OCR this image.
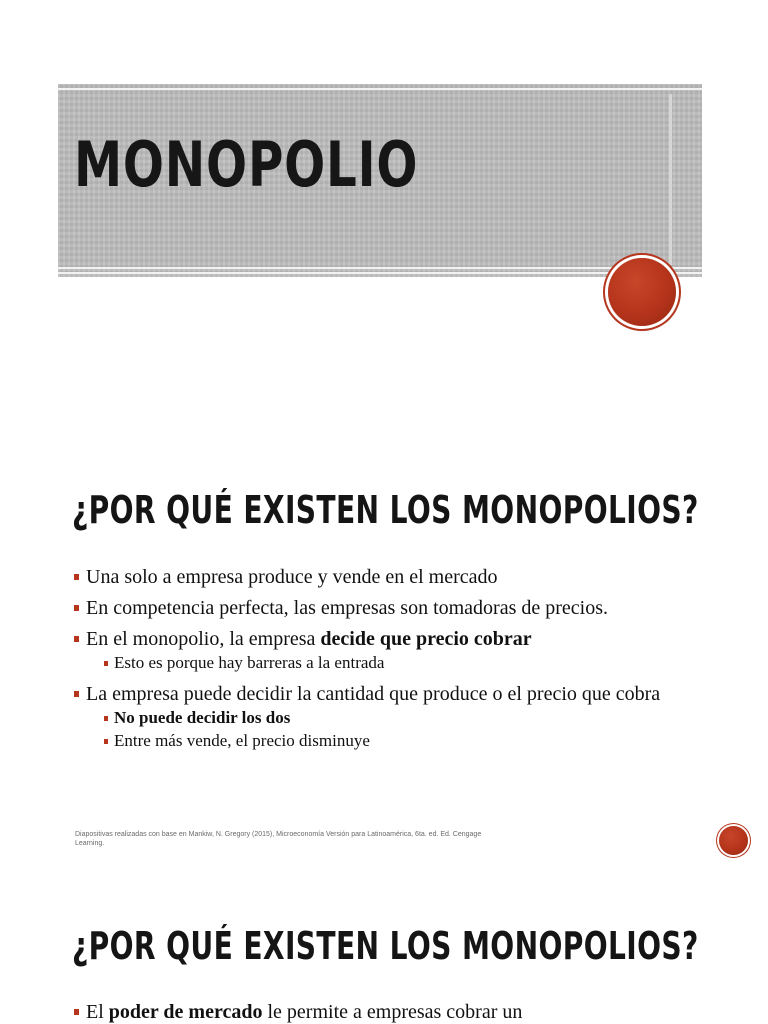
MONOPOLIO
¿POR QUÉ EXISTEN LOS MONOPOLIOS?
Una solo a empresa produce y vende en el mercado
En competencia perfecta, las empresas son tomadoras de precios.
En el monopolio, la empresa decide que precio cobrar
Esto es porque hay barreras a la entrada
La empresa puede decidir la cantidad que produce o el precio que cobra
No puede decidir los dos
Entre más vende, el precio disminuye
Diapositivas realizadas con base en Mankiw, N. Gregory (2015), Microeconomía Versión para Latinoamérica, 6ta. ed. Ed. Cengage Learning.
¿POR QUÉ EXISTEN LOS MONOPOLIOS?
El poder de mercado le permite a empresas cobrar un
